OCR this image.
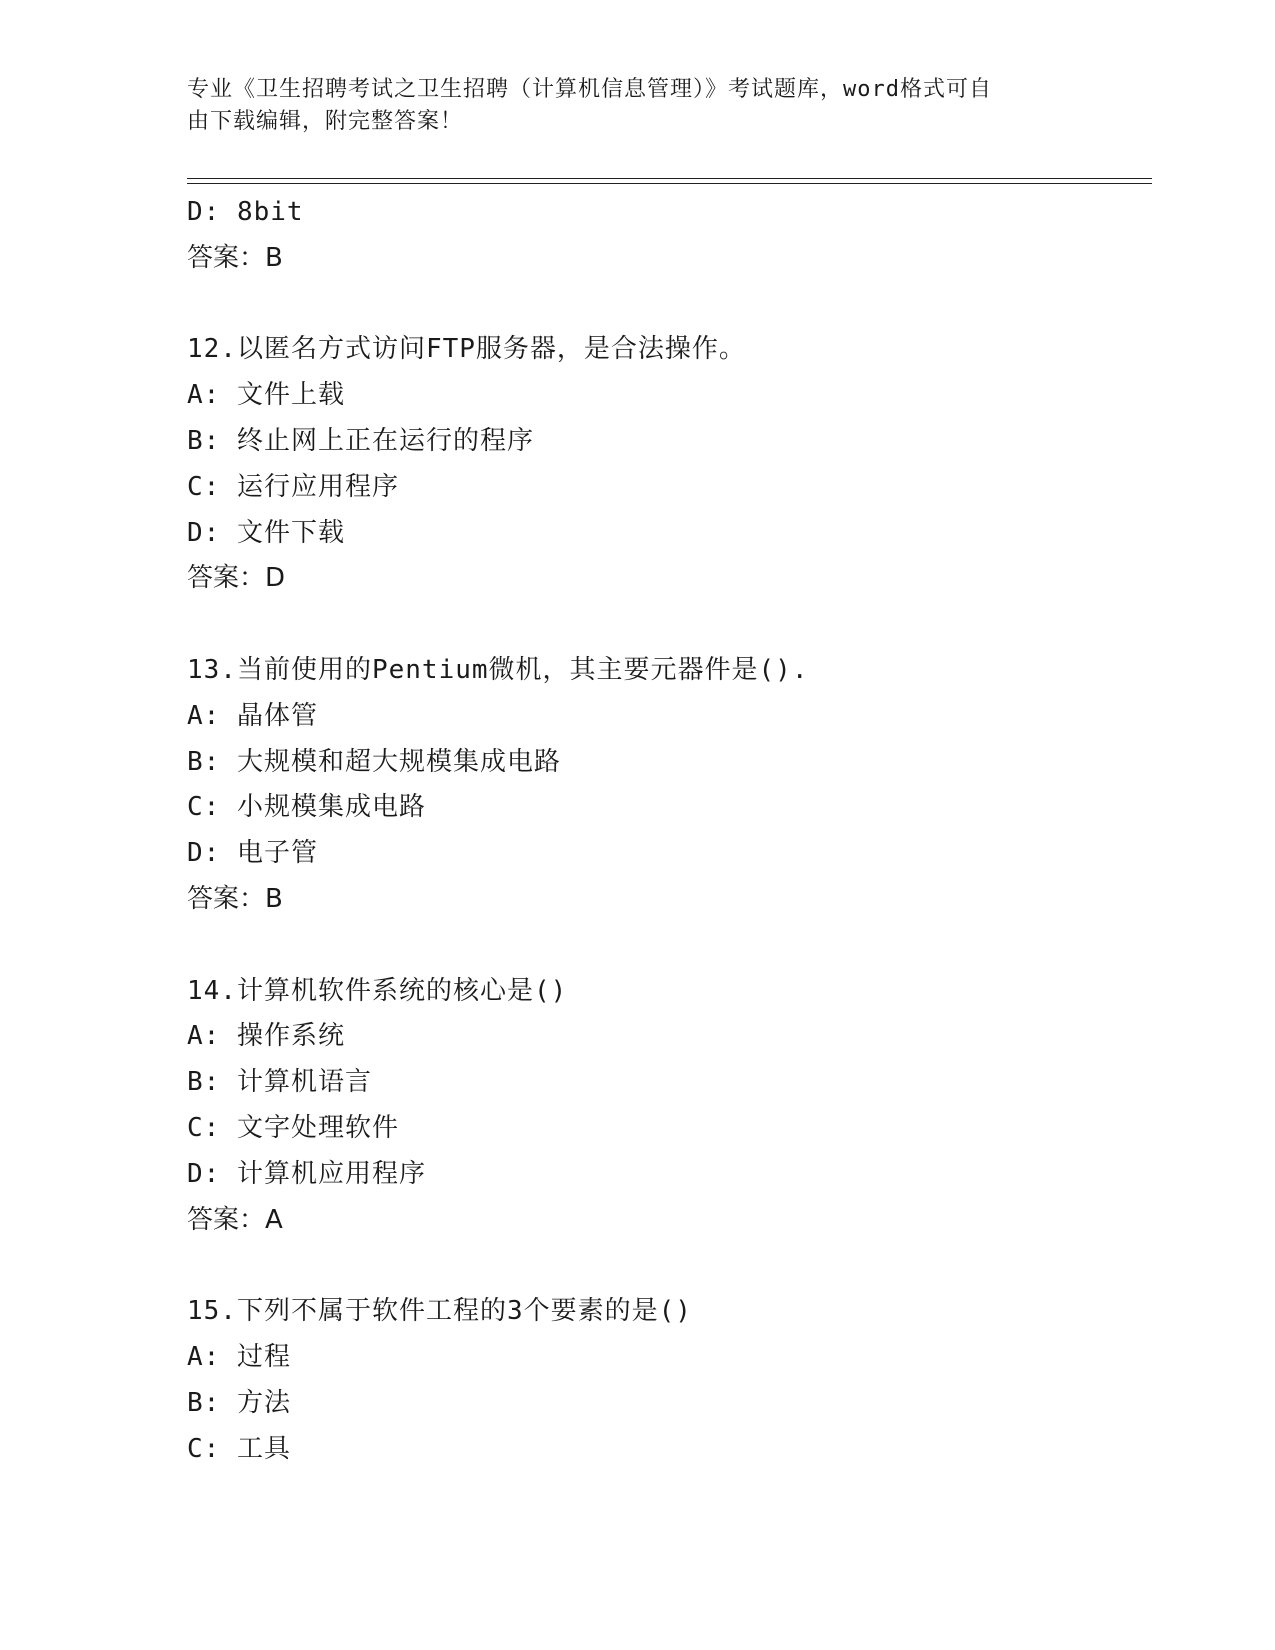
专业《卫生招聘考试之卫生招聘（计算机信息管理）》考试题库，word格式可自
由下载编辑，附完整答案！
D: 8bit
答案：B
12.以匿名方式访问FTP服务器，是合法操作。
A: 文件上载
B: 终止网上正在运行的程序
C: 运行应用程序
D: 文件下载
答案：D
13.当前使用的Pentium微机，其主要元器件是().
A: 晶体管
B: 大规模和超大规模集成电路
C: 小规模集成电路
D: 电子管
答案：B
14.计算机软件系统的核心是()
A: 操作系统
B: 计算机语言
C: 文字处理软件
D: 计算机应用程序
答案：A
15.下列不属于软件工程的3个要素的是()
A: 过程
B: 方法
C: 工具
